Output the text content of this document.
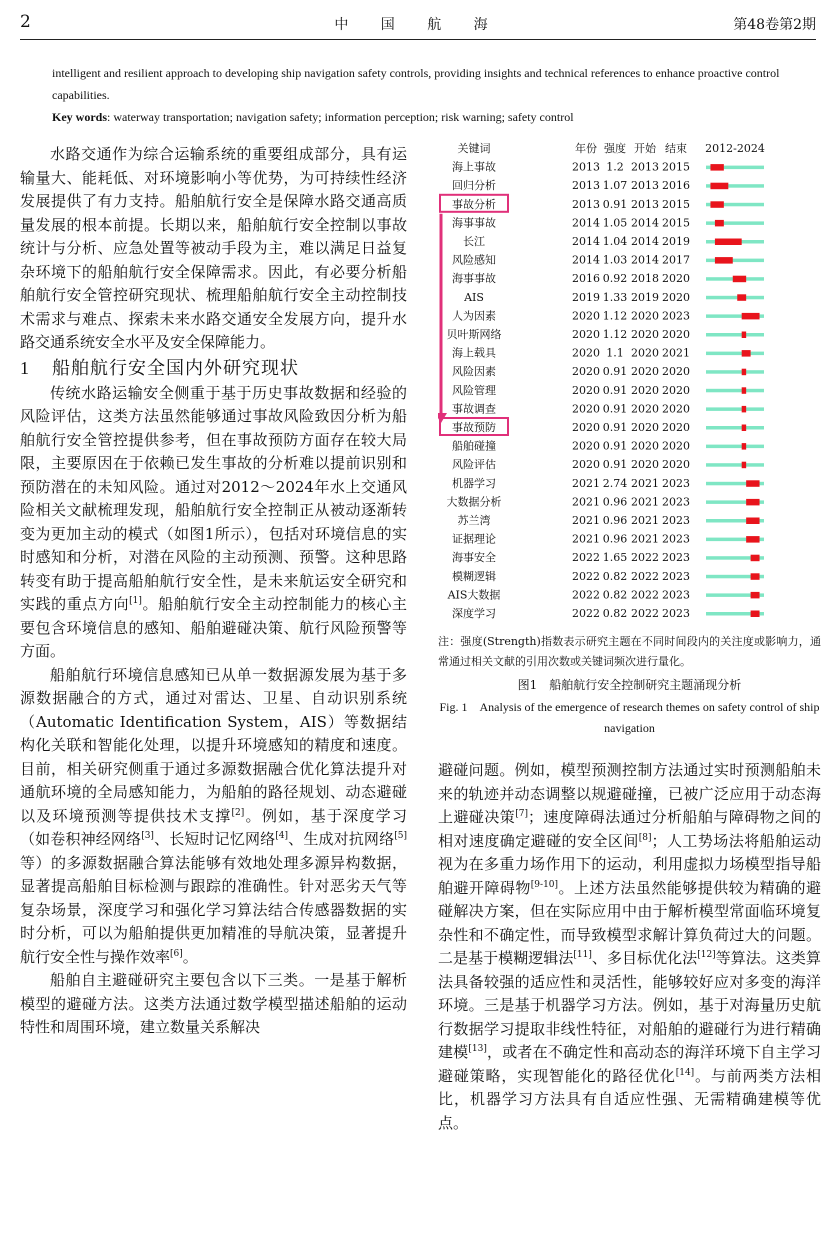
2	中 国 航 海	第48卷第2期

intelligent and resilient approach to developing ship navigation safety controls, providing insights and technical references to enhance proactive control capabilities.

Key words: waterway transportation; navigation safety; information perception; risk warning; safety control

水路交通作为综合运输系统的重要组成部分，具有运输量大、能耗低、对环境影响小等优势，为可持续性经济发展提供了有力支持。船舶航行安全是保障水路交通高质量发展的根本前提。长期以来，船舶航行安全控制以事故统计与分析、应急处置等被动手段为主，难以满足日益复杂环境下的船舶航行安全保障需求。因此，有必要分析船舶航行安全管控研究现状、梳理船舶航行安全主动控制技术需求与难点、探索未来水路交通安全发展方向，提升水路交通系统安全水平及安全保障能力。

1 船舶航行安全国内外研究现状

传统水路运输安全侧重于基于历史事故数据和经验的风险评估，这类方法虽然能够通过事故风险致因分析为船舶航行安全管控提供参考，但在事故预防方面存在较大局限，主要原因在于依赖已发生事故的分析难以提前识别和预防潜在的未知风险。通过对2012～2024年水上交通风险相关文献梳理发现，船舶航行安全控制正从被动逐渐转变为更加主动的模式（如图1所示），包括对环境信息的实时感知和分析，对潜在风险的主动预测、预警。这种思路转变有助于提高船舶航行安全性，是未来航运安全研究和实践的重点方向[1]。船舶航行安全主动控制能力的核心主要包含环境信息的感知、船舶避碰决策、航行风险预警等方面。

船舶航行环境信息感知已从单一数据源发展为基于多源数据融合的方式，通过对雷达、卫星、自动识别系统（Automatic Identification System，AIS）等数据结构化关联和智能化处理，以提升环境感知的精度和速度。目前，相关研究侧重于通过多源数据融合优化算法提升对通航环境的全局感知能力，为船舶的路径规划、动态避碰以及环境预测等提供技术支撑[2]。例如，基于深度学习（如卷积神经网络[3]、长短时记忆网络[4]、生成对抗网络[5]等）的多源数据融合算法能够有效地处理多源异构数据，显著提高船舶目标检测与跟踪的准确性。针对恶劣天气等复杂场景，深度学习和强化学习算法结合传感器数据的实时分析，可以为船舶提供更加精准的导航决策，显著提升航行安全性与操作效率[6]。

船舶自主避碰研究主要包含以下三类。一是基于解析模型的避碰方法。这类方法通过数学模型描述船舶的运动特性和周围环境，建立数量关系解决

关键词	年份 强度 开始 结束 2012-2024
海上事故	2013 1.2 2013 2015
回归分析	2013 1.07 2013 2016
事故分析	2013 0.91 2013 2015
海事事故	2014 1.05 2014 2015
长江	2014 1.04 2014 2019
风险感知	2014 1.03 2014 2017
海事事故	2016 0.92 2018 2020
AIS	2019 1.33 2019 2020
人为因素	2020 1.12 2020 2023
贝叶斯网络	2020 1.12 2020 2020
海上载具	2020 1.1 2020 2021
风险因素	2020 0.91 2020 2020
风险管理	2020 0.91 2020 2020
事故调查	2020 0.91 2020 2020
事故预防	2020 0.91 2020 2020
船舶碰撞	2020 0.91 2020 2020
风险评估	2020 0.91 2020 2020
机器学习	2021 2.74 2021 2023
大数据分析	2021 0.96 2021 2023
苏兰湾	2021 0.96 2021 2023
证据理论	2021 0.96 2021 2023
海事安全	2022 1.65 2022 2023
模糊逻辑	2022 0.82 2022 2023
AIS大数据	2022 0.82 2022 2023
深度学习	2022 0.82 2022 2023
注：强度(Strength)指数表示研究主题在不同时间段内的关注度或影响力，通常通过相关文献的引用次数或关键词频次进行量化。
图1　船舶航行安全控制研究主题涌现分析
Fig. 1　Analysis of the emergence of research themes on safety control of ship navigation

避碰问题。例如，模型预测控制方法通过实时预测船舶未来的轨迹并动态调整以规避碰撞，已被广泛应用于动态海上避碰决策[7]；速度障碍法通过分析船舶与障碍物之间的相对速度确定避碰的安全区间[8]；人工势场法将船舶运动视为在多重力场作用下的运动，利用虚拟力场模型指导船舶避开障碍物[9-10]。上述方法虽然能够提供较为精确的避碰解决方案，但在实际应用中由于解析模型常面临环境复杂性和不确定性，而导致模型求解计算负荷过大的问题。二是基于模糊逻辑法[11]、多目标优化法[12]等算法。这类算法具备较强的适应性和灵活性，能够较好应对多变的海洋环境。三是基于机器学习方法。例如，基于对海量历史航行数据学习提取非线性特征，对船舶的避碰行为进行精确建模[13]，或者在不确定性和高动态的海洋环境下自主学习避碰策略，实现智能化的路径优化[14]。与前两类方法相比，机器学习方法具有自适应性强、无需精确建模等优点。
